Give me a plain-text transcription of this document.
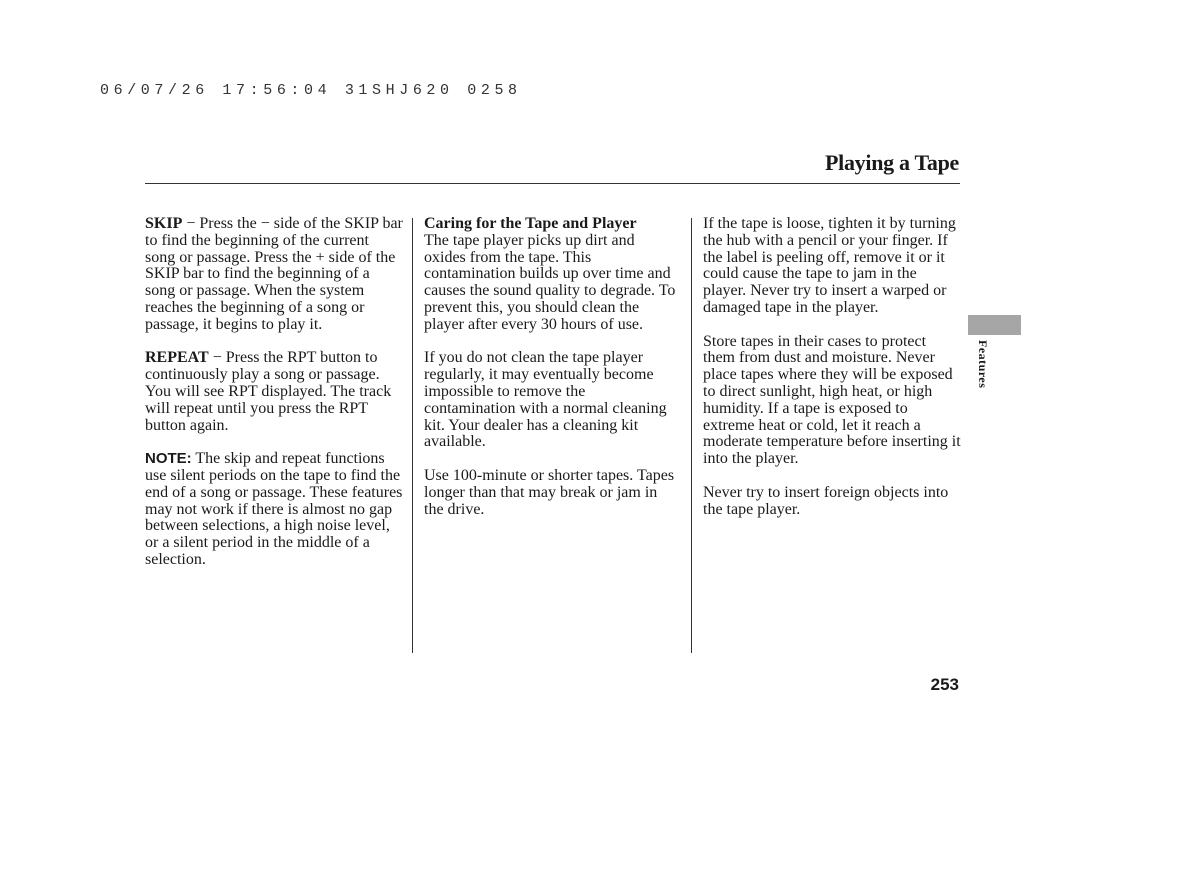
06/07/26 17:56:04 31SHJ620 0258
Playing a Tape

SKIP − Press the − side of the SKIP bar to find the beginning of the current song or passage. Press the + side of the SKIP bar to find the beginning of a song or passage. When the system reaches the beginning of a song or passage, it begins to play it.

REPEAT − Press the RPT button to continuously play a song or passage. You will see RPT displayed. The track will repeat until you press the RPT button again.

NOTE: The skip and repeat functions use silent periods on the tape to find the end of a song or passage. These features may not work if there is almost no gap between selections, a high noise level, or a silent period in the middle of a selection.

Caring for the Tape and Player
The tape player picks up dirt and oxides from the tape. This contamination builds up over time and causes the sound quality to degrade. To prevent this, you should clean the player after every 30 hours of use.

If you do not clean the tape player regularly, it may eventually become impossible to remove the contamination with a normal cleaning kit. Your dealer has a cleaning kit available.

Use 100-minute or shorter tapes. Tapes longer than that may break or jam in the drive.

If the tape is loose, tighten it by turning the hub with a pencil or your finger. If the label is peeling off, remove it or it could cause the tape to jam in the player. Never try to insert a warped or damaged tape in the player.

Store tapes in their cases to protect them from dust and moisture. Never place tapes where they will be exposed to direct sunlight, high heat, or high humidity. If a tape is exposed to extreme heat or cold, let it reach a moderate temperature before inserting it into the player.

Never try to insert foreign objects into the tape player.

Features
253
